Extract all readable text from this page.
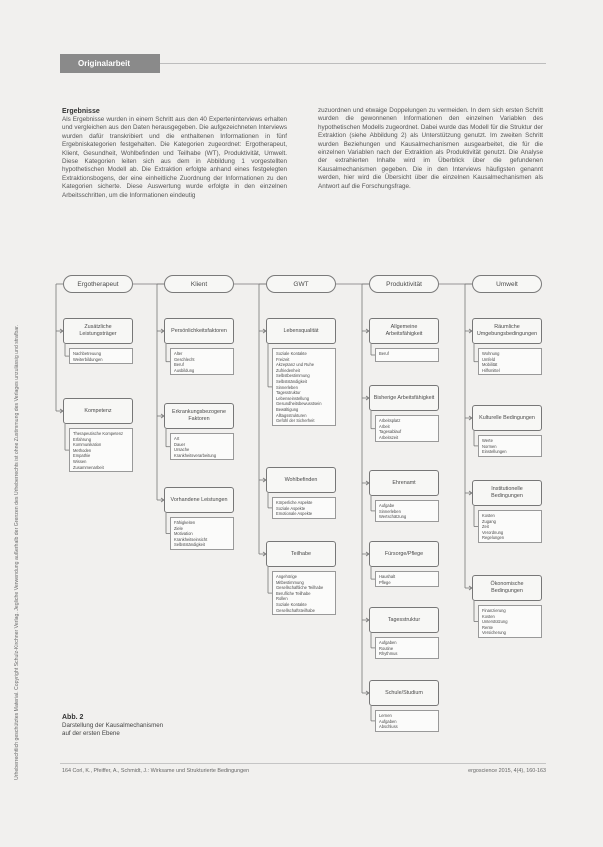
Originalarbeit
Urheberrechtlich geschütztes Material. Copyright Schulz-Kirchner Verlag. Jegliche Verwendung außerhalb der Grenzen des Urheberrechts ist ohne Zustimmung des Verlages unzulässig und strafbar.
Ergebnisse

Als Ergebnisse wurden in einem Schritt aus den 40 Experteninterviews erhalten und vergleichen aus den Daten herausgegeben. Die aufgezeichneten Interviews wurden dafür transkribiert und die enthaltenen Informationen in fünf Ergebniskategorien festgehalten. Die Kategorien zugeordnet: Ergotherapeut, Klient, Gesundheit, Wohlbefinden und Teilhabe (WT), Produktivität, Umwelt. Diese Kategorien leiten sich aus dem in Abbildung 1 vorgestellten hypothetischen Modell ab. Die Extraktion erfolgte anhand eines festgelegten Extraktionsbogens, der eine einheitliche Zuordnung der Informationen zu den Kategorien sicherte. Diese Auswertung wurde erfolgte in den einzelnen Arbeitsschritten, um die Informationen eindeutig

zuzuordnen und etwaige Doppelungen zu vermeiden. In dem sich ersten Schritt wurden die gewonnenen Informationen den einzelnen Variablen des hypothetischen Modells zugeordnet. Dabei wurde das Modell für die Struktur der Extraktion (siehe Abbildung 2) als Unterstützung genutzt. Im zweiten Schritt wurden Beziehungen und Kausalmechanismen ausgearbeitet, die für die einzelnen Variablen nach der Extraktion als Produktivität genutzt. Die Analyse der extrahierten Inhalte wird im Überblick über die gefundenen Kausalmechanismen gegeben. Die in den Interviews häufigsten genannt werden, hier wird die Übersicht über die einzelnen Kausalmechanismen als Antwort auf die Forschungsfrage.

Ergotherapeut
Zusätzliche Leistungsträger
Nachbetreuung
Weiterbildungen
Kompetenz
Therapeutische Kompetenz
Erfahrung
Kommunikation
Methoden
Empathie
Wissen
Zusammenarbeit
Klient
Persönlichkeitsfaktoren
Alter
Geschlecht
Beruf
Ausbildung
Erkrankungsbezogene Faktoren
Art
Dauer
Ursache
Krankheitsverarbeitung
Vorhandene Leistungen
Fähigkeiten
Ziele
Motivation
Krankheitseinsicht
Selbstständigkeit
GWT
Lebensqualität
Soziale Kontakte
Freizeit
Akzeptanz und Ruhe
Zufriedenheit
Selbstbestimmung
Selbstständigkeit
Sinnerleben
Tagesstruktur
Lebenseinstellung
Gesundheitsbewusstsein
Bewältigung
Alltagsstrukturen
Gefühl der Sicherheit
Wohlbefinden
Körperliche Aspekte
Soziale Aspekte
Emotionale Aspekte
Teilhabe
Angehörige
Mitbestimmung
Gesellschaftliche Teilhabe
Berufliche Teilhabe
Rollen
Soziale Kontakte
Gesellschaftsteilhabe
Produktivität
Allgemeine Arbeitsfähigkeit
Beruf
Bisherige Arbeitsfähigkeit
Arbeitsplatz
Arbeit
Tagesablauf
Arbeitszeit
Ehrenamt
Aufgabe
Sinnerleben
Wertschätzung
Fürsorge/Pflege
Haushalt
Pflege
Tagesstruktur
Aufgaben
Routine
Rhythmus
Schule/Studium
Lernen
Aufgaben
Abschluss
Umwelt
Räumliche Umgebungsbedingungen
Wohnung
Umfeld
Mobilität
Hilfsmittel
Kulturelle Bedingungen
Werte
Normen
Einstellungen
Institutionelle Bedingungen
Kosten
Zugang
Zeit
Verordnung
Regelungen
Ökonomische Bedingungen
Finanzierung
Kosten
Unterstützung
Rente
Versicherung
Abb. 2
Darstellung der Kausalmechanismen
auf der ersten Ebene
164 Corl, K., Pfeiffer, A., Schmidt, J.: Wirksame und Strukturierte Bedingungen	ergoscience 2015, 4(4), 160-163
